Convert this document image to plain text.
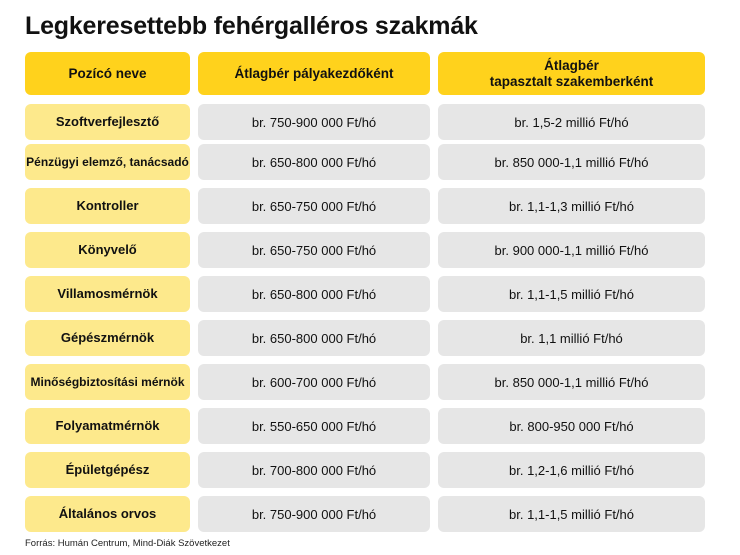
Legkeresettebb fehérgalléros szakmák
Pozícó neve	Átlagbér pályakezdőként
Átlagbér
tapasztalt szakemberként
Szoftverfejlesztő	br. 750-900 000 Ft/hó	br. 1,5-2 millió Ft/hó
Pénzügyi elemző, tanácsadó	br. 650-800 000 Ft/hó	br. 850 000-1,1 millió Ft/hó
Kontroller	br. 650-750 000 Ft/hó	br. 1,1-1,3 millió Ft/hó
Könyvelő	br. 650-750 000 Ft/hó	br. 900 000-1,1 millió Ft/hó
Villamosmérnök	br. 650-800 000 Ft/hó	br. 1,1-1,5 millió Ft/hó
Gépészmérnök	br. 650-800 000 Ft/hó	br. 1,1 millió Ft/hó
Minőségbiztosítási mérnök	br. 600-700 000 Ft/hó	br. 850 000-1,1 millió Ft/hó
Folyamatmérnök	br. 550-650 000 Ft/hó	br. 800-950 000 Ft/hó
Épületgépész	br. 700-800 000 Ft/hó	br. 1,2-1,6 millió Ft/hó
Általános orvos	br. 750-900 000 Ft/hó	br. 1,1-1,5 millió Ft/hó
Forrás: Humán Centrum, Mind-Diák Szövetkezet
